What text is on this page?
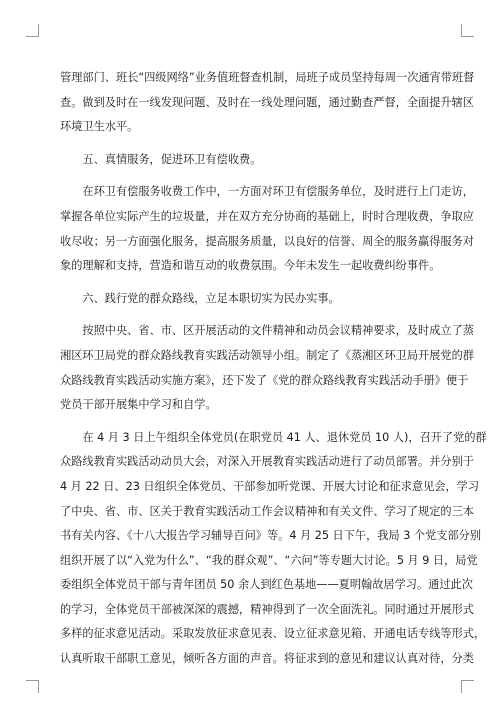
管理部门、班长“四级网络”业务值班督查机制，局班子成员坚持每周一次通宵带班督

查。做到及时在一线发现问题、及时在一线处理问题，通过勤查严督，全面提升辖区

环境卫生水平。

　　五、真情服务，促进环卫有偿收费。

　　在环卫有偿服务收费工作中，一方面对环卫有偿服务单位，及时进行上门走访，

掌握各单位实际产生的垃圾量，并在双方充分协商的基础上，时时合理收费，争取应

收尽收；另一方面强化服务，提高服务质量，以良好的信誉、周全的服务赢得服务对

象的理解和支持，营造和谐互动的收费氛围。今年未发生一起收费纠纷事件。

　　六、践行党的群众路线，立足本职切实为民办实事。

　　按照中央、省、市、区开展活动的文件精神和动员会议精神要求，及时成立了蒸

湘区环卫局党的群众路线教育实践活动领导小组。制定了《蒸湘区环卫局开展党的群

众路线教育实践活动实施方案》，还下发了《党的群众路线教育实践活动手册》便于

党员干部开展集中学习和自学。

　　在 4 月 3 日上午组织全体党员(在职党员 41 人、退休党员 10 人)，召开了党的群

众路线教育实践活动动员大会，对深入开展教育实践活动进行了动员部署。并分别于

4 月 22 日、23 日组织全体党员、干部参加听党课、开展大讨论和征求意见会，学习

了中央、省、市、区关于教育实践活动工作会议精神和有关文件、学习了规定的三本

书有关内容、《十八大报告学习辅导百问》等。4 月 25 日下午，我局 3 个党支部分别

组织开展了以“入党为什么”、“我的群众观”、“六问”等专题大讨论。5 月 9 日，局党

委组织全体党员干部与青年团员 50 余人到红色基地——夏明翰故居学习。通过此次

的学习，全体党员干部被深深的震撼，精神得到了一次全面洗礼。同时通过开展形式

多样的征求意见活动。采取发放征求意见表、设立征求意见箱、开通电话专线等形式，

认真听取干部职工意见，倾听各方面的声音。将征求到的意见和建议认真对待，分类
